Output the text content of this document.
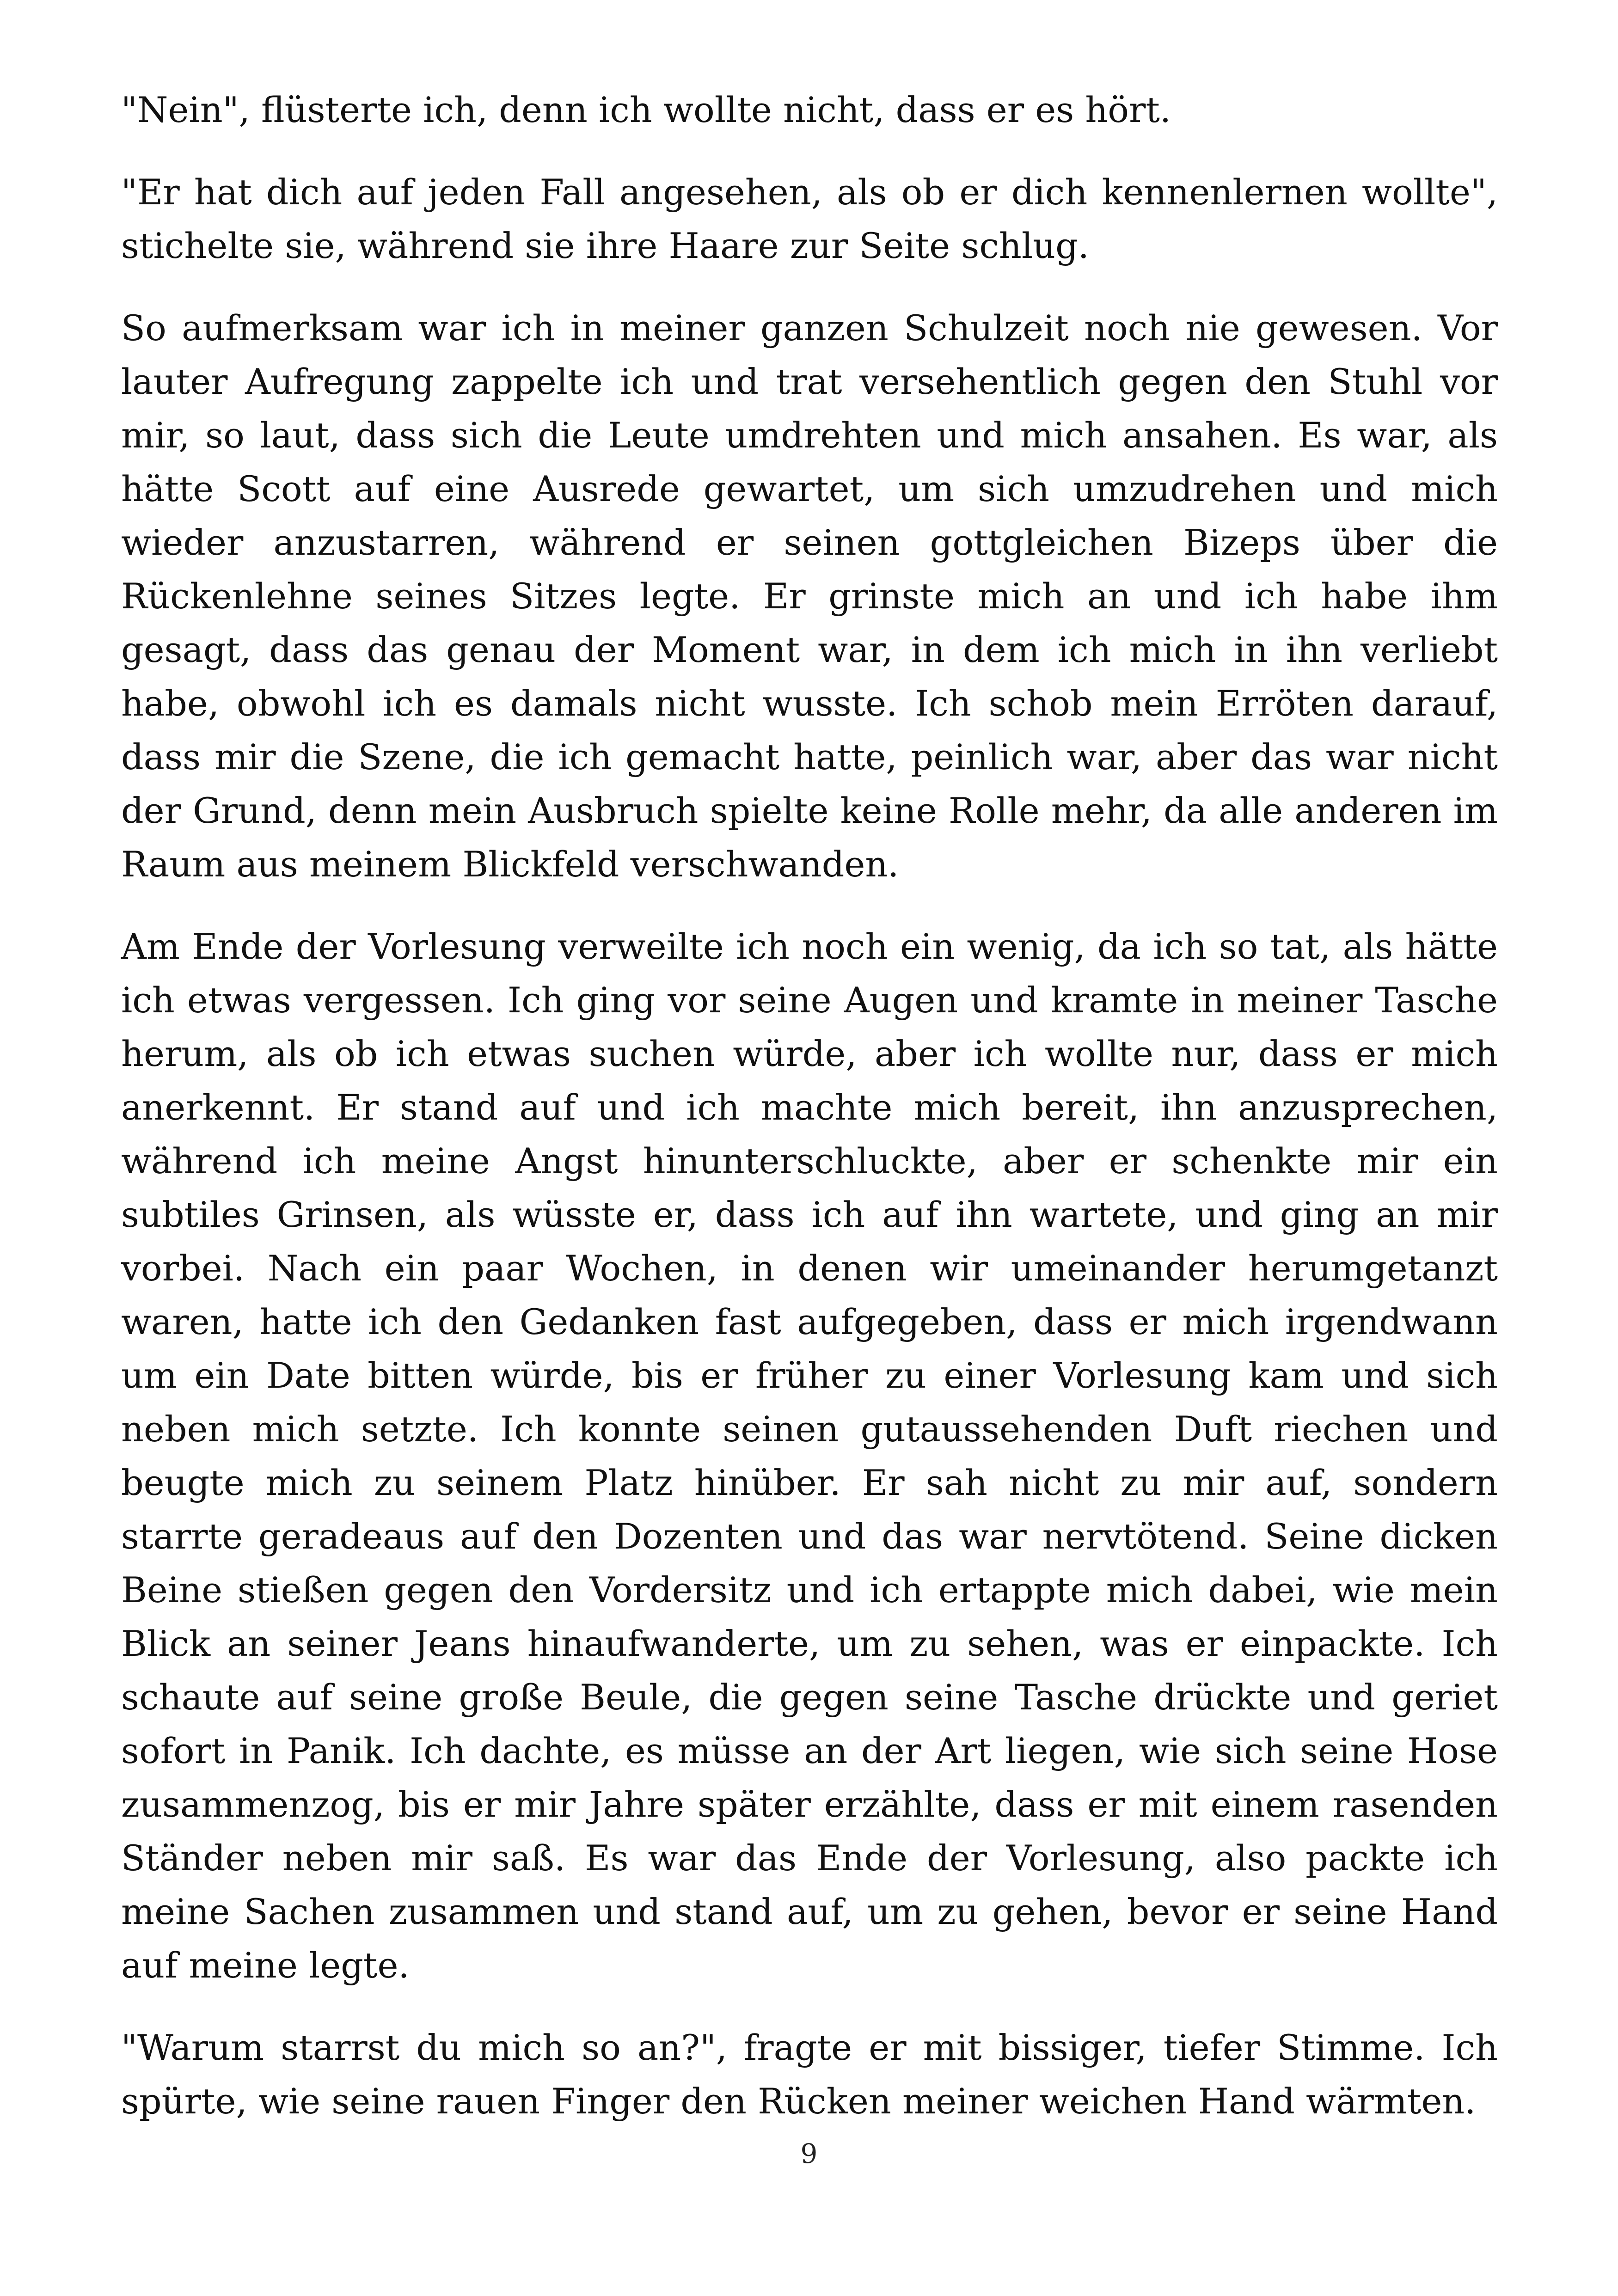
"Nein", flüsterte ich, denn ich wollte nicht, dass er es hört.

"Er hat dich auf jeden Fall angesehen, als ob er dich kennenlernen wollte", stichelte sie, während sie ihre Haare zur Seite schlug.

So aufmerksam war ich in meiner ganzen Schulzeit noch nie gewesen. Vor lauter Aufregung zappelte ich und trat versehentlich gegen den Stuhl vor mir, so laut, dass sich die Leute umdrehten und mich ansahen. Es war, als hätte Scott auf eine Ausrede gewartet, um sich umzudrehen und mich wieder anzustarren, während er seinen gottgleichen Bizeps über die Rückenlehne seines Sitzes legte. Er grinste mich an und ich habe ihm gesagt, dass das genau der Moment war, in dem ich mich in ihn verliebt habe, obwohl ich es damals nicht wusste. Ich schob mein Erröten darauf, dass mir die Szene, die ich gemacht hatte, peinlich war, aber das war nicht der Grund, denn mein Ausbruch spielte keine Rolle mehr, da alle anderen im Raum aus meinem Blickfeld verschwanden.

Am Ende der Vorlesung verweilte ich noch ein wenig, da ich so tat, als hätte ich etwas vergessen. Ich ging vor seine Augen und kramte in meiner Tasche herum, als ob ich etwas suchen würde, aber ich wollte nur, dass er mich anerkennt. Er stand auf und ich machte mich bereit, ihn anzusprechen, während ich meine Angst hinunterschluckte, aber er schenkte mir ein subtiles Grinsen, als wüsste er, dass ich auf ihn wartete, und ging an mir vorbei. Nach ein paar Wochen, in denen wir umeinander herumgetanzt waren, hatte ich den Gedanken fast aufgegeben, dass er mich irgendwann um ein Date bitten würde, bis er früher zu einer Vorlesung kam und sich neben mich setzte. Ich konnte seinen gutaussehenden Duft riechen und beugte mich zu seinem Platz hinüber. Er sah nicht zu mir auf, sondern starrte geradeaus auf den Dozenten und das war nervtötend. Seine dicken Beine stießen gegen den Vordersitz und ich ertappte mich dabei, wie mein Blick an seiner Jeans hinaufwanderte, um zu sehen, was er einpackte. Ich schaute auf seine große Beule, die gegen seine Tasche drückte und geriet sofort in Panik. Ich dachte, es müsse an der Art liegen, wie sich seine Hose zusammenzog, bis er mir Jahre später erzählte, dass er mit einem rasenden Ständer neben mir saß. Es war das Ende der Vorlesung, also packte ich meine Sachen zusammen und stand auf, um zu gehen, bevor er seine Hand auf meine legte.

"Warum starrst du mich so an?", fragte er mit bissiger, tiefer Stimme. Ich spürte, wie seine rauen Finger den Rücken meiner weichen Hand wärmten.

9
